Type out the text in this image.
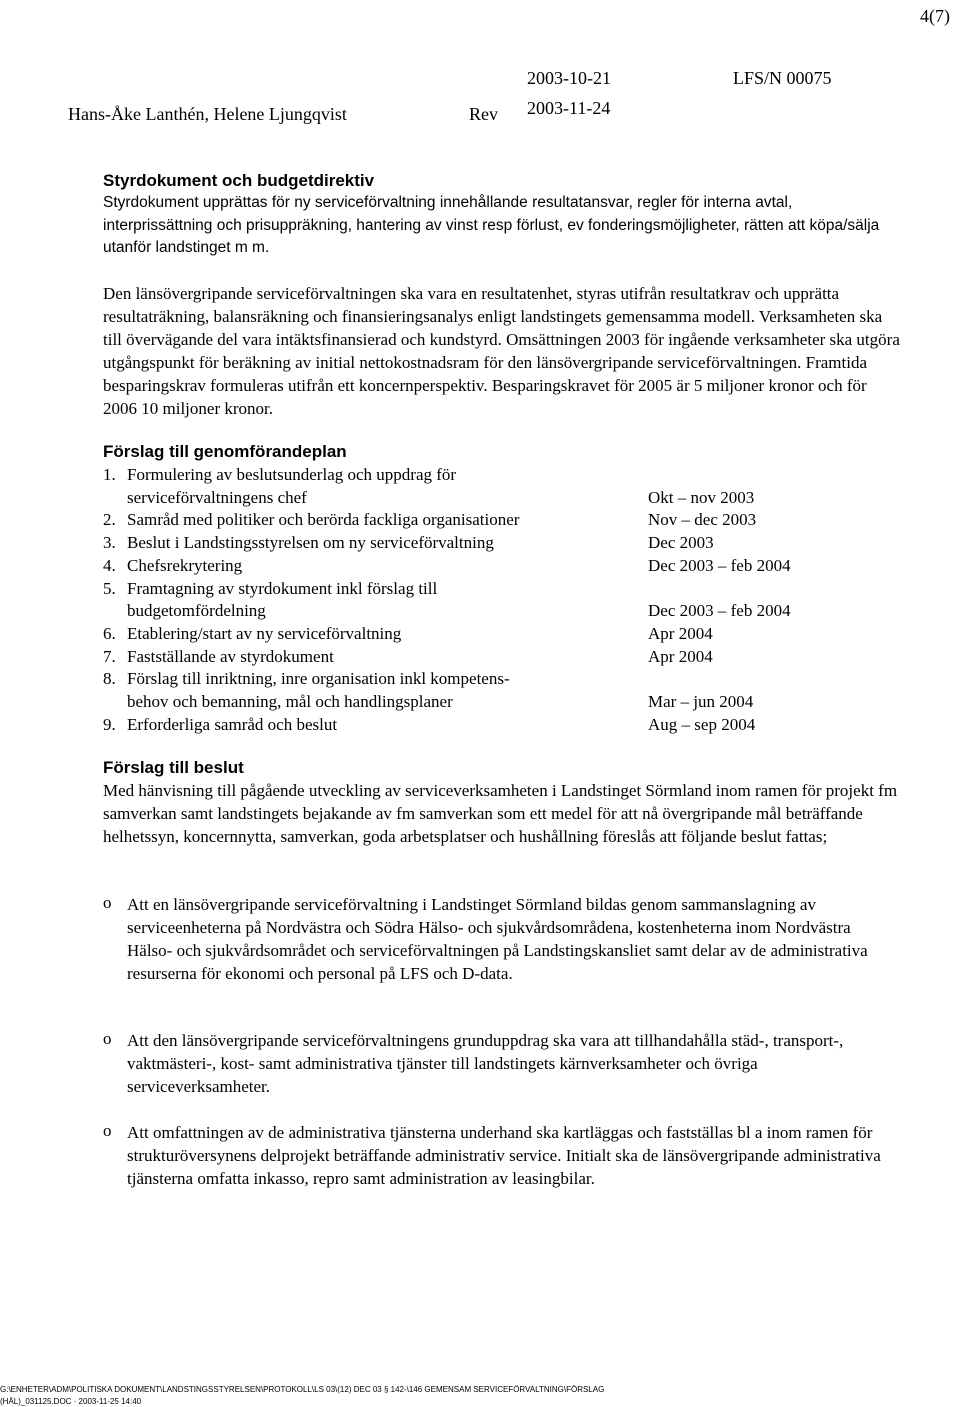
4(7)
2003-10-21	LFS/N 00075
Hans-Åke Lanthén, Helene Ljungqvist	Rev 2003-11-24
Styrdokument och budgetdirektiv

Styrdokument upprättas för ny serviceförvaltning innehållande resultatansvar, regler för interna avtal, interprissättning och prisuppräkning, hantering av vinst resp förlust, ev fonderingsmöjligheter, rätten att köpa/sälja utanför landstinget m m.

Den länsövergripande serviceförvaltningen ska vara en resultatenhet, styras utifrån resultatkrav och upprätta resultaträkning, balansräkning och finansieringsanalys enligt landstingets gemensamma modell. Verksamheten ska till övervägande del vara intäktsfinansierad och kundstyrd. Omsättningen 2003 för ingående verksamheter ska utgöra utgångspunkt för beräkning av initial nettokostnadsram för den länsövergripande serviceförvaltningen. Framtida besparingskrav formuleras utifrån ett koncernperspektiv. Besparingskravet för 2005 är 5 miljoner kronor och för 2006 10 miljoner kronor.

Förslag till genomförandeplan
1. Formulering av beslutsunderlag och uppdrag för
serviceförvaltningens chef	Okt – nov 2003
2. Samråd med politiker och berörda fackliga organisationer	Nov – dec 2003
3. Beslut i Landstingsstyrelsen om ny serviceförvaltning	Dec 2003
4. Chefsrekrytering	Dec 2003 – feb 2004
5. Framtagning av styrdokument inkl förslag till
budgetomfördelning	Dec 2003 – feb 2004
6. Etablering/start av ny serviceförvaltning	Apr 2004
7. Fastställande av styrdokument	Apr 2004
8. Förslag till inriktning, inre organisation inkl kompetens-
behov och bemanning, mål och handlingsplaner	Mar – jun 2004
9. Erforderliga samråd och beslut	Aug – sep 2004
Förslag till beslut

Med hänvisning till pågående utveckling av serviceverksamheten i Landstinget Sörmland inom ramen för projekt fm samverkan samt landstingets bejakande av fm samverkan som ett medel för att nå övergripande mål beträffande helhetssyn, koncernnytta, samverkan, goda arbetsplatser och hushållning föreslås att följande beslut fattas;

o Att en länsövergripande serviceförvaltning i Landstinget Sörmland bildas genom sammanslagning av serviceenheterna på Nordvästra och Södra Hälso- och sjukvårdsområdena, kostenheterna inom Nordvästra Hälso- och sjukvårdsområdet och serviceförvaltningen på Landstingskansliet samt delar av de administrativa resurserna för ekonomi och personal på LFS och D-data.
o Att den länsövergripande serviceförvaltningens grunduppdrag ska vara att tillhandahålla städ-, transport-, vaktmästeri-, kost- samt administrativa tjänster till landstingets kärnverksamheter och övriga serviceverksamheter.
o Att omfattningen av de administrativa tjänsterna underhand ska kartläggas och fastställas bl a inom ramen för strukturöversynens delprojekt beträffande administrativ service. Initialt ska de länsövergripande administrativa tjänsterna omfatta inkasso, repro samt administration av leasingbilar.
G:\ENHETER\ADM\POLITISKA DOKUMENT\LANDSTINGSSTYRELSEN\PROTOKOLL\LS 03\(12) DEC 03 § 142-\146 GEMENSAM SERVICEFÖRVALTNING\FÖRSLAG
(HÄL)_031125.DOC · 2003-11-25 14:40
